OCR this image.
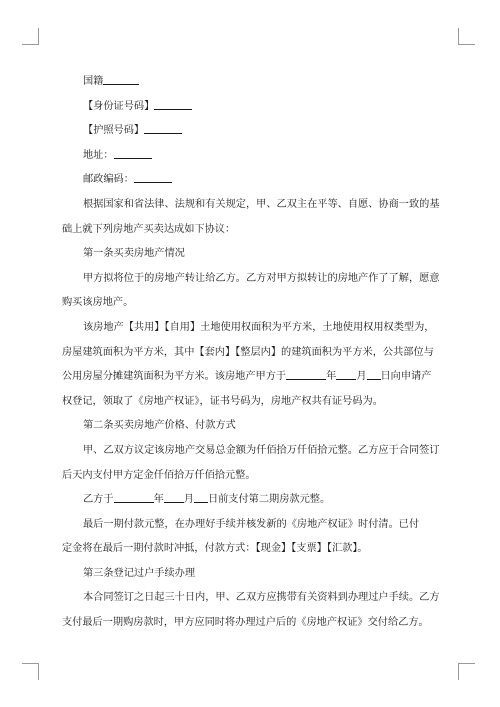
国籍
【身份证号码】
【护照号码】
地址：
邮政编码：
根据国家和省法律、法规和有关规定，甲、乙双主在平等、自愿、协商一致的基
础上就下列房地产买卖达成如下协议：
第一条买卖房地产情况
甲方拟将位于的房地产转让给乙方。乙方对甲方拟转让的房地产作了了解，愿意
购买该房地产。
该房地产【共用】【自用】土地使用权面积为平方米，土地使用权用权类型为，
房屋建筑面积为平方米，其中【套内】【整层内】的建筑面积为平方米，公共部位与
公用房屋分摊建筑面积为平方米。该房地产甲方于	年 月 日向申请产
权登记，领取了《房地产权证》，证书号码为，房地产权共有证号码为。
第二条买卖房地产价格、付款方式
甲、乙双方议定该房地产交易总金额为仟佰拾万仟佰拾元整。乙方应于合同签订
后天内支付甲方定金仟佰拾万仟佰拾元整。
乙方于	年 月 日前支付第二期房款元整。
最后一期付款元整，在办理好手续并核发新的《房地产权证》时付清。已付
定金将在最后一期付款时冲抵，付款方式：【现金】【支票】【汇款】。
第三条登记过户手续办理
本合同签订之日起三十日内，甲、乙双方应携带有关资料到办理过户手续。乙方
支付最后一期购房款时，甲方应同时将办理过户后的《房地产权证》交付给乙方。
